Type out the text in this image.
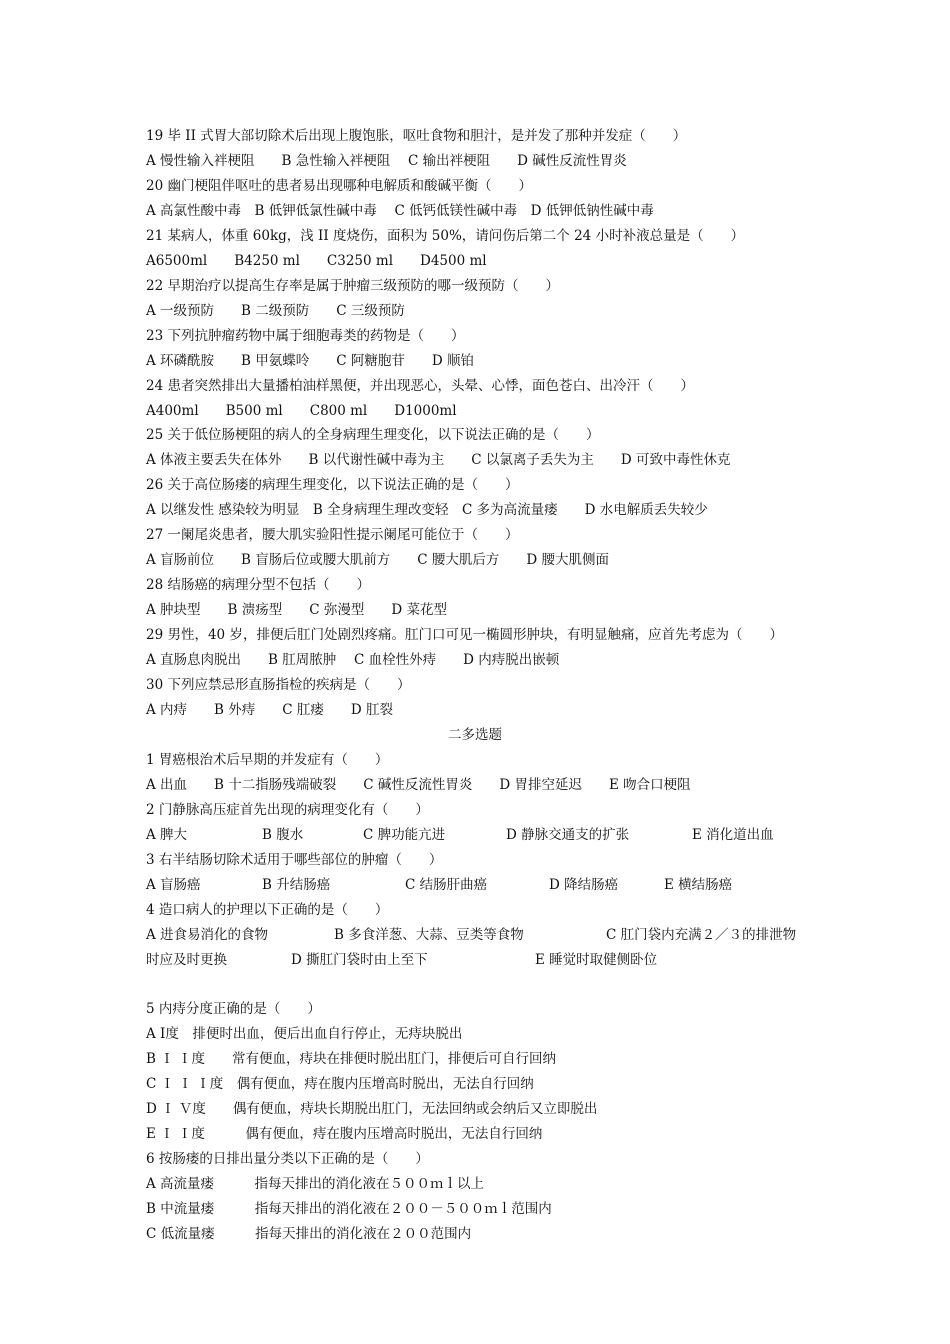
19 毕 II 式胃大部切除术后出现上腹饱胀，呕吐食物和胆汁，是并发了那种并发症（　　）
A 慢性输入袢梗阻　　B 急性输入袢梗阻　 C 输出袢梗阻　　D 碱性反流性胃炎
20 幽门梗阻伴呕吐的患者易出现哪种电解质和酸碱平衡（　　）
A 高氯性酸中毒　B 低钾低氯性碱中毒　 C 低钙低镁性碱中毒　D 低钾低钠性碱中毒
21 某病人，体重 60kg，浅 II 度烧伤，面积为 50%，请问伤后第二个 24 小时补液总量是（　　）
A6500ml　　B4250 ml　　C3250 ml　　D4500 ml
22 早期治疗以提高生存率是属于肿瘤三级预防的哪一级预防（　　）
A 一级预防　　B 二级预防　　C 三级预防
23 下列抗肿瘤药物中属于细胞毒类的药物是（　　）
A 环磷酰胺　　B 甲氨蝶呤　　C 阿糖胞苷　　D 顺铂
24 患者突然排出大量播柏油样黑便，并出现恶心，头晕、心悸，面色苍白、出冷汗（　　）
A400ml　　B500 ml　　C800 ml　　D1000ml
25 关于低位肠梗阻的病人的全身病理生理变化，以下说法正确的是（　　）
A 体液主要丢失在体外　　B 以代谢性碱中毒为主　　C 以氯离子丢失为主　　D 可致中毒性休克
26 关于高位肠瘘的病理生理变化，以下说法正确的是（　　）
A 以继发性 感染较为明显　B 全身病理生理改变轻　C 多为高流量瘘　　D 水电解质丢失较少
27 一阑尾炎患者，腰大肌实验阳性提示阑尾可能位于（　　）
A 盲肠前位　　B 盲肠后位或腰大肌前方　　C 腰大肌后方　　D 腰大肌侧面
28 结肠癌的病理分型不包括（　　）
A 肿块型　　B 溃疡型　　C 弥漫型　　D 菜花型
29 男性，40 岁，排便后肛门处剧烈疼痛。肛门口可见一椭圆形肿块，有明显触痛，应首先考虑为（　　）
A 直肠息肉脱出　　B 肛周脓肿　 C 血栓性外痔　　D 内痔脱出嵌顿
30 下列应禁忌形直肠指检的疾病是（　　）
A 内痔　　B 外痔　　C 肛瘘　　D 肛裂
二多选题
1 胃癌根治术后早期的并发症有（　　）
A 出血　　B 十二指肠残端破裂　　C 碱性反流性胃炎　　D 胃排空延迟　　E 吻合口梗阻
2 门静脉高压症首先出现的病理变化有（　　）

A 脾大

	B 腹水

	C 脾功能亢进

	D 静脉交通支的扩张

	E 消化道出血

3 右半结肠切除术适用于哪些部位的肿瘤（　　）

A 盲肠癌

	B 升结肠癌

	C 结肠肝曲癌

	D 降结肠癌

	E 横结肠癌

4 造口病人的护理以下正确的是（　　）

A 进食易消化的食物

	B 多食洋葱、大蒜、豆类等食物

	C 肛门袋内充满２／３的排泄物

时应及时更换

	D 撕肛门袋时由上至下

	E 睡觉时取健侧卧位

5 内痔分度正确的是（　　）
A Ⅰ度　排便时出血，便后出血自行停止，无痔块脱出
B Ｉ Ｉ度　　常有便血，痔块在排便时脱出肛门，排便后可自行回纳
C Ｉ Ｉ Ｉ度　偶有便血，痔在腹内压增高时脱出，无法自行回纳
D Ｉ Ｖ度　　偶有便血，痔块长期脱出肛门，无法回纳或会纳后又立即脱出
E Ｉ Ｉ度　　　偶有便血，痔在腹内压增高时脱出，无法自行回纳
6 按肠瘘的日排出量分类以下正确的是（　　）
A 高流量瘘　　　指每天排出的消化液在５００ｍｌ以上
B 中流量瘘　　　指每天排出的消化液在２００－５００ｍｌ范围内
C 低流量瘘　　　指每天排出的消化液在２００范围内
